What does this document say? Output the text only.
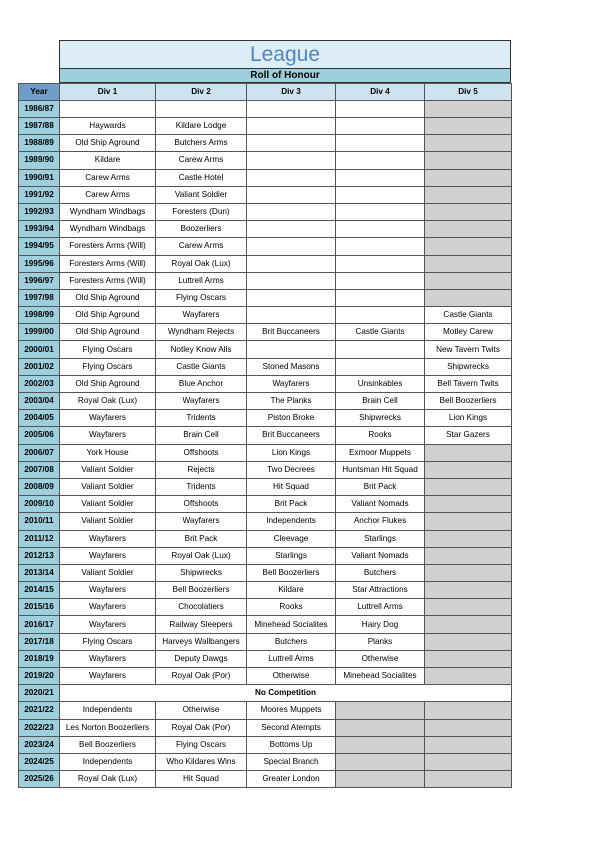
League
Roll of Honour
Year	Div 1	Div 2	Div 3	Div 4	Div 5
1986/87					
1987/88	Haywards	Kildare Lodge			
1988/89	Old Ship Aground	Butchers Arms			
1989/90	Kildare	Carew Arms			
1990/91	Carew Arms	Castle Hotel			
1991/92	Carew Arms	Valiant Soldier			
1992/93	Wyndham Windbags	Foresters (Dun)			
1993/94	Wyndham Windbags	Boozerliers			
1994/95	Foresters Arms (Will)	Carew Arms			
1995/96	Foresters Arms (Will)	Royal Oak (Lux)			
1996/97	Foresters Arms (Will)	Luttrell Arms			
1997/98	Old Ship Aground	Flying Oscars			
1998/99	Old Ship Aground	Wayfarers			Castle Giants
1999/00	Old Ship Aground	Wyndham Rejects	Brit Buccaneers	Castle Giants	Motley Carew
2000/01	Flying Oscars	Notley Know Alls			New Tavern Twits
2001/02	Flying Oscars	Castle Giants	Stoned Masons		Shipwrecks
2002/03	Old Ship Aground	Blue Anchor	Wayfarers	Unsinkables	Bell Tavern Twits
2003/04	Royal Oak (Lux)	Wayfarers	The Planks	Brain Cell	Bell Boozerliers
2004/05	Wayfarers	Tridents	Piston Broke	Shipwrecks	Lion Kings
2005/06	Wayfarers	Brain Cell	Brit Buccaneers	Rooks	Star Gazers
2006/07	York House	Offshoots	Lion Kings	Exmoor Muppets	
2007/08	Valiant Soldier	Rejects	Two Decrees	Huntsman Hit Squad	
2008/09	Valiant Soldier	Tridents	Hit Squad	Brit Pack	
2009/10	Valiant Soldier	Offshoots	Brit Pack	Valiant Nomads	
2010/11	Valiant Soldier	Wayfarers	Independents	Anchor Flukes	
2011/12	Wayfarers	Brit Pack	Cleevage	Starlings	
2012/13	Wayfarers	Royal Oak (Lux)	Starlings	Valiant Nomads	
2013/14	Valiant Soldier	Shipwrecks	Bell Boozerliers	Butchers	
2014/15	Wayfarers	Bell Boozerliers	Kildare	Star Attractions	
2015/16	Wayfarers	Chocolatiers	Rooks	Luttrell Arms	
2016/17	Wayfarers	Railway Sleepers	Minehead Socialites	Hairy Dog	
2017/18	Flying Oscars	Harveys Wallbangers	Butchers	Planks	
2018/19	Wayfarers	Deputy Dawgs	Luttrell Arms	Otherwise	
2019/20	Wayfarers	Royal Oak (Por)	Otherwise	Minehead Socialites	
2020/21	No Competition				
2021/22	Independents	Otherwise	Moores Muppets		
2022/23	Les Norton Boozerliers	Royal Oak (Por)	Second Atempts		
2023/24	Bell Boozerliers	Flying Oscars	Bottoms Up		
2024/25	Independents	Who Kildares Wins	Special Branch		
2025/26	Royal Oak (Lux)	Hit Squad	Greater London		
